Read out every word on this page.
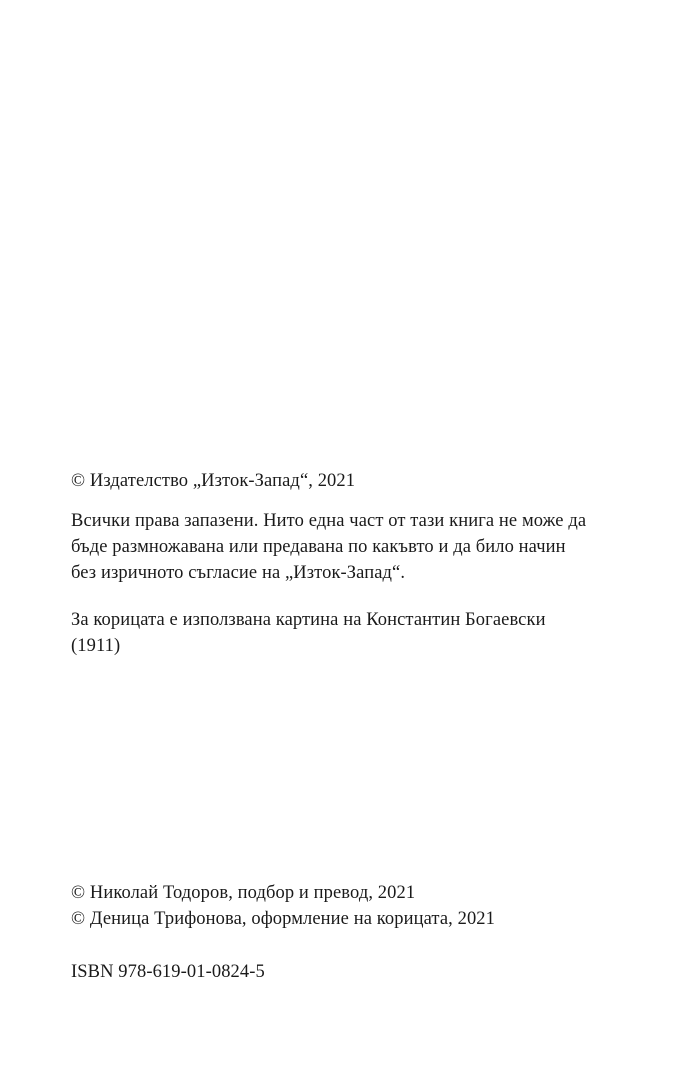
© Издателство „Изток-Запад“, 2021
Всички права запазени. Нито една част от тази книга не може да
бъде размножавана или предавана по какъвто и да било начин
без изричното съгласие на „Изток-Запад“.
За корицата е използвана картина на Константин Богаевски
(1911)
© Николай Тодоров, подбор и превод, 2021
© Деница Трифонова, оформление на корицата, 2021
ISBN 978-619-01-0824-5
